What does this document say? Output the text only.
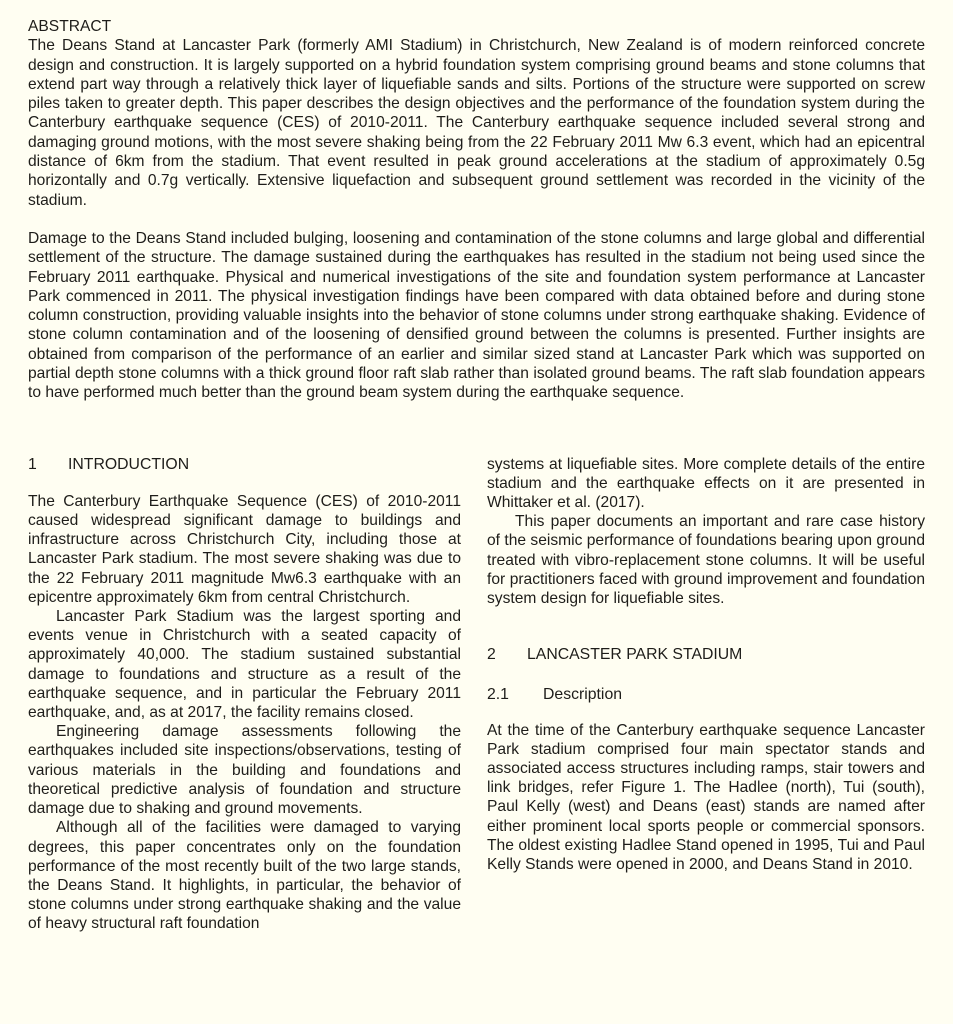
ABSTRACT

The Deans Stand at Lancaster Park (formerly AMI Stadium) in Christchurch, New Zealand is of modern reinforced concrete design and construction. It is largely supported on a hybrid foundation system comprising ground beams and stone columns that extend part way through a relatively thick layer of liquefiable sands and silts. Portions of the structure were supported on screw piles taken to greater depth. This paper describes the design objectives and the performance of the foundation system during the Canterbury earthquake sequence (CES) of 2010-2011. The Canterbury earthquake sequence included several strong and damaging ground motions, with the most severe shaking being from the 22 February 2011 Mw 6.3 event, which had an epicentral distance of 6km from the stadium. That event resulted in peak ground accelerations at the stadium of approximately 0.5g horizontally and 0.7g vertically. Extensive liquefaction and subsequent ground settlement was recorded in the vicinity of the stadium.

Damage to the Deans Stand included bulging, loosening and contamination of the stone columns and large global and differential settlement of the structure. The damage sustained during the earthquakes has resulted in the stadium not being used since the February 2011 earthquake. Physical and numerical investigations of the site and foundation system performance at Lancaster Park commenced in 2011. The physical investigation findings have been compared with data obtained before and during stone column construction, providing valuable insights into the behavior of stone columns under strong earthquake shaking. Evidence of stone column contamination and of the loosening of densified ground between the columns is presented. Further insights are obtained from comparison of the performance of an earlier and similar sized stand at Lancaster Park which was supported on partial depth stone columns with a thick ground floor raft slab rather than isolated ground beams. The raft slab foundation appears to have performed much better than the ground beam system during the earthquake sequence.

1 INTRODUCTION

The Canterbury Earthquake Sequence (CES) of 2010-2011 caused widespread significant damage to buildings and infrastructure across Christchurch City, including those at Lancaster Park stadium. The most severe shaking was due to the 22 February 2011 magnitude Mw6.3 earthquake with an epicentre approximately 6km from central Christchurch.

Lancaster Park Stadium was the largest sporting and events venue in Christchurch with a seated capacity of approximately 40,000. The stadium sustained substantial damage to foundations and structure as a result of the earthquake sequence, and in particular the February 2011 earthquake, and, as at 2017, the facility remains closed.

Engineering damage assessments following the earthquakes included site inspections/observations, testing of various materials in the building and foundations and theoretical predictive analysis of foundation and structure damage due to shaking and ground movements.

Although all of the facilities were damaged to varying degrees, this paper concentrates only on the foundation performance of the most recently built of the two large stands, the Deans Stand. It highlights, in particular, the behavior of stone columns under strong earthquake shaking and the value of heavy structural raft foundation

systems at liquefiable sites. More complete details of the entire stadium and the earthquake effects on it are presented in Whittaker et al. (2017).

This paper documents an important and rare case history of the seismic performance of foundations bearing upon ground treated with vibro-replacement stone columns. It will be useful for practitioners faced with ground improvement and foundation system design for liquefiable sites.

2 LANCASTER PARK STADIUM
2.1 Description

At the time of the Canterbury earthquake sequence Lancaster Park stadium comprised four main spectator stands and associated access structures including ramps, stair towers and link bridges, refer Figure 1. The Hadlee (north), Tui (south), Paul Kelly (west) and Deans (east) stands are named after either prominent local sports people or commercial sponsors. The oldest existing Hadlee Stand opened in 1995, Tui and Paul Kelly Stands were opened in 2000, and Deans Stand in 2010.
